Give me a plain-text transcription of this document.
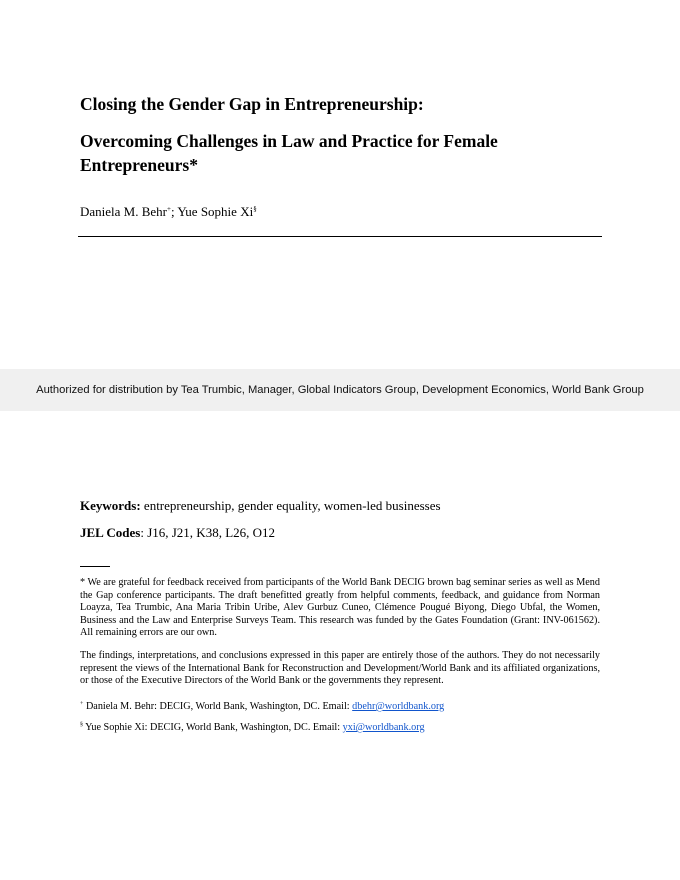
Closing the Gender Gap in Entrepreneurship:
Overcoming Challenges in Law and Practice for Female Entrepreneurs*
Daniela M. Behr+; Yue Sophie Xi§
Authorized for distribution by Tea Trumbic, Manager, Global Indicators Group, Development Economics, World Bank Group
Keywords: entrepreneurship, gender equality, women-led businesses
JEL Codes: J16, J21, K38, L26, O12

* We are grateful for feedback received from participants of the World Bank DECIG brown bag seminar series as well as Mend the Gap conference participants. The draft benefitted greatly from helpful comments, feedback, and guidance from Norman Loayza, Tea Trumbic, Ana Maria Tribin Uribe, Alev Gurbuz Cuneo, Clémence Pougué Biyong, Diego Ubfal, the Women, Business and the Law and Enterprise Surveys Team. This research was funded by the Gates Foundation (Grant: INV-061562). All remaining errors are our own.

The findings, interpretations, and conclusions expressed in this paper are entirely those of the authors. They do not necessarily represent the views of the International Bank for Reconstruction and Development/World Bank and its affiliated organizations, or those of the Executive Directors of the World Bank or the governments they represent.

+ Daniela M. Behr: DECIG, World Bank, Washington, DC. Email: dbehr@worldbank.org

§ Yue Sophie Xi: DECIG, World Bank, Washington, DC. Email: yxi@worldbank.org
